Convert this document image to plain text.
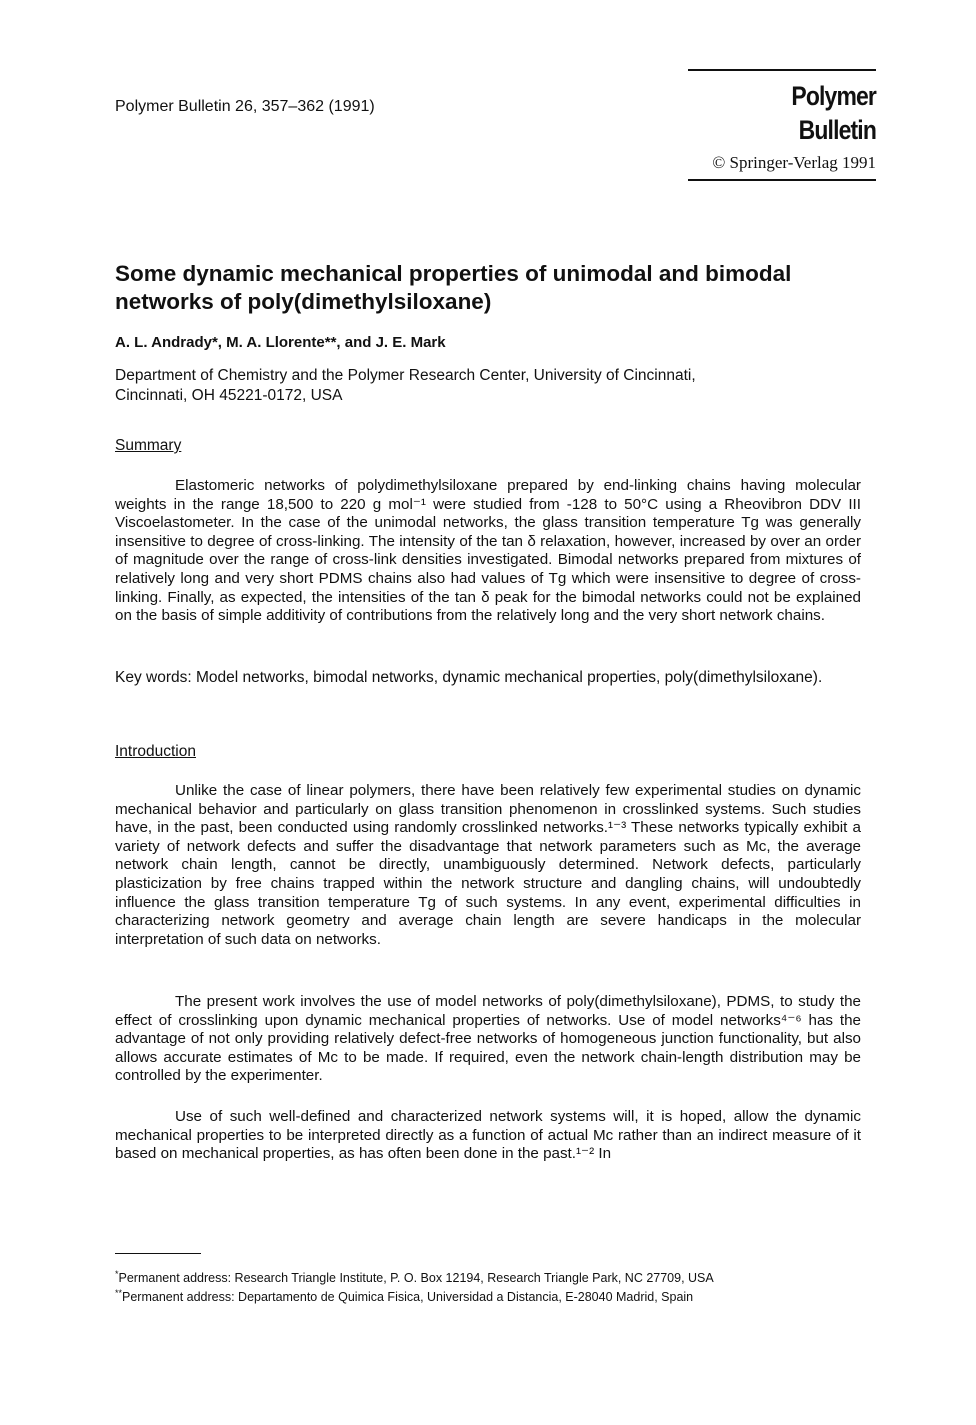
Polymer Bulletin 26, 357–362 (1991)	Polymer Bulletin
© Springer-Verlag 1991
Some dynamic mechanical properties of unimodal and bimodal networks of poly(dimethylsiloxane)
A. L. Andrady*, M. A. Llorente**, and J. E. Mark
Department of Chemistry and the Polymer Research Center, University of Cincinnati,
Cincinnati, OH 45221-0172, USA
Summary

Elastomeric networks of polydimethylsiloxane prepared by end-linking chains having molecular weights in the range 18,500 to 220 g mol⁻¹ were studied from -128 to 50°C using a Rheovibron DDV III Viscoelastometer. In the case of the unimodal networks, the glass transition temperature Tɡ was generally insensitive to degree of cross-linking. The intensity of the tan δ relaxation, however, increased by over an order of magnitude over the range of cross-link densities investigated. Bimodal networks prepared from mixtures of relatively long and very short PDMS chains also had values of Tɡ which were insensitive to degree of cross-linking. Finally, as expected, the intensities of the tan δ peak for the bimodal networks could not be explained on the basis of simple additivity of contributions from the relatively long and the very short network chains.

Key words: Model networks, bimodal networks, dynamic mechanical properties, poly(dimethylsiloxane).
Introduction

Unlike the case of linear polymers, there have been relatively few experimental studies on dynamic mechanical behavior and particularly on glass transition phenomenon in crosslinked systems. Such studies have, in the past, been conducted using randomly crosslinked networks.¹⁻³ These networks typically exhibit a variety of network defects and suffer the disadvantage that network parameters such as Mᴄ, the average network chain length, cannot be directly, unambiguously determined. Network defects, particularly plasticization by free chains trapped within the network structure and dangling chains, will undoubtedly influence the glass transition temperature Tɡ of such systems. In any event, experimental difficulties in characterizing network geometry and average chain length are severe handicaps in the molecular interpretation of such data on networks.

The present work involves the use of model networks of poly(dimethylsiloxane), PDMS, to study the effect of crosslinking upon dynamic mechanical properties of networks. Use of model networks⁴⁻⁶ has the advantage of not only providing relatively defect-free networks of homogeneous junction functionality, but also allows accurate estimates of Mᴄ to be made. If required, even the network chain-length distribution may be controlled by the experimenter.

Use of such well-defined and characterized network systems will, it is hoped, allow the dynamic mechanical properties to be interpreted directly as a function of actual Mᴄ rather than an indirect measure of it based on mechanical properties, as has often been done in the past.¹⁻² In

*Permanent address: Research Triangle Institute, P. O. Box 12194, Research Triangle Park, NC 27709, USA
**Permanent address: Departamento de Quimica Fisica, Universidad a Distancia, E-28040 Madrid, Spain
